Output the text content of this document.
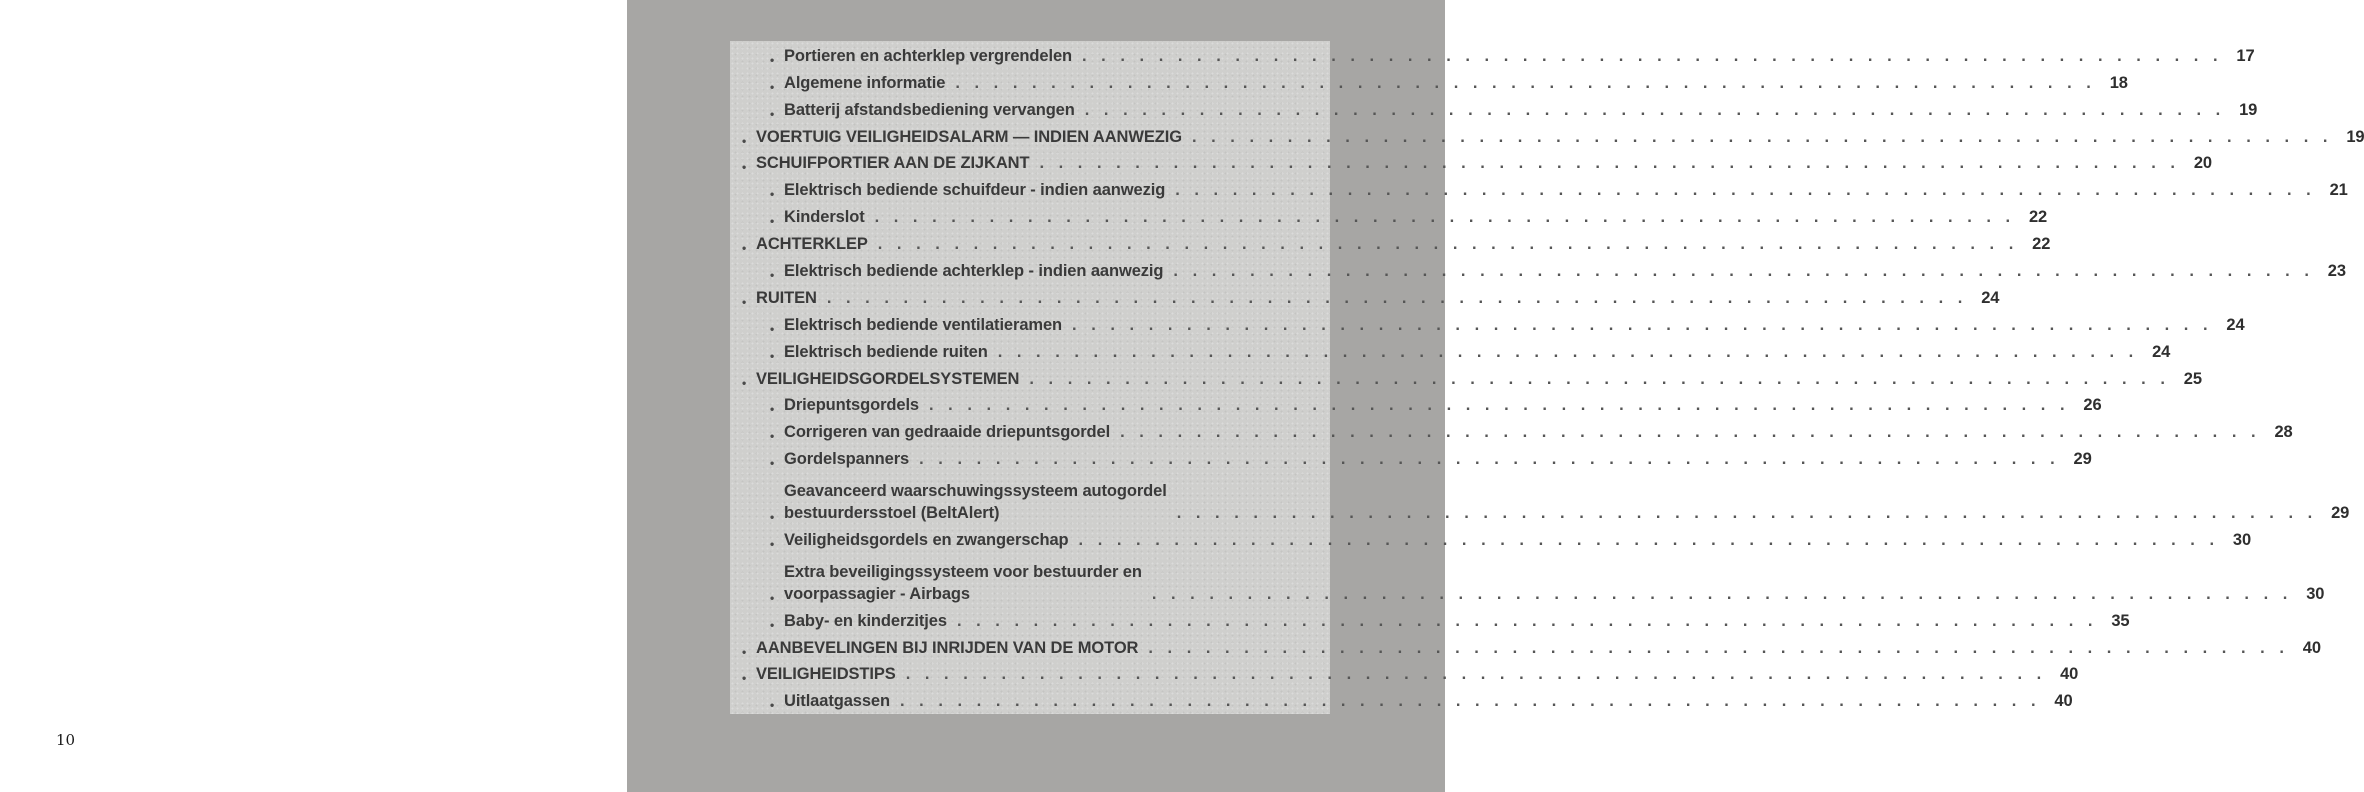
10
• Portieren en achterklep vergrendelen . . . . . . . . . . . . . . . . . . . . . . . . . . . . . . . . . . . . . . . . . . . . . . . . . . . . . . . . . . . . 17
• Algemene informatie . . . . . . . . . . . . . . . . . . . . . . . . . . . . . . . . . . . . . . . . . . . . . . . . . . . . . . . . . . . . 18
• Batterij afstandsbediening vervangen . . . . . . . . . . . . . . . . . . . . . . . . . . . . . . . . . . . . . . . . . . . . . . . . . . . . . . . . . . . . 19
• VOERTUIG VEILIGHEIDSALARM — INDIEN AANWEZIG . . . . . . . . . . . . . . . . . . . . . . . . . . . . . . . . . . . . . . . . . . . . . . . . . . . . . . . . . . . . 19
• SCHUIFPORTIER AAN DE ZIJKANT . . . . . . . . . . . . . . . . . . . . . . . . . . . . . . . . . . . . . . . . . . . . . . . . . . . . . . . . . . . . 20
• Elektrisch bediende schuifdeur - indien aanwezig . . . . . . . . . . . . . . . . . . . . . . . . . . . . . . . . . . . . . . . . . . . . . . . . . . . . . . . . . . . . 21
• Kinderslot . . . . . . . . . . . . . . . . . . . . . . . . . . . . . . . . . . . . . . . . . . . . . . . . . . . . . . . . . . . . 22
• ACHTERKLEP . . . . . . . . . . . . . . . . . . . . . . . . . . . . . . . . . . . . . . . . . . . . . . . . . . . . . . . . . . . . 22
• Elektrisch bediende achterklep - indien aanwezig . . . . . . . . . . . . . . . . . . . . . . . . . . . . . . . . . . . . . . . . . . . . . . . . . . . . . . . . . . . . 23
• RUITEN . . . . . . . . . . . . . . . . . . . . . . . . . . . . . . . . . . . . . . . . . . . . . . . . . . . . . . . . . . . . 24
• Elektrisch bediende ventilatieramen . . . . . . . . . . . . . . . . . . . . . . . . . . . . . . . . . . . . . . . . . . . . . . . . . . . . . . . . . . . . 24
• Elektrisch bediende ruiten . . . . . . . . . . . . . . . . . . . . . . . . . . . . . . . . . . . . . . . . . . . . . . . . . . . . . . . . . . . . 24
• VEILIGHEIDSGORDELSYSTEMEN . . . . . . . . . . . . . . . . . . . . . . . . . . . . . . . . . . . . . . . . . . . . . . . . . . . . . . . . . . . . 25
• Driepuntsgordels . . . . . . . . . . . . . . . . . . . . . . . . . . . . . . . . . . . . . . . . . . . . . . . . . . . . . . . . . . . . 26
• Corrigeren van gedraaide driepuntsgordel . . . . . . . . . . . . . . . . . . . . . . . . . . . . . . . . . . . . . . . . . . . . . . . . . . . . . . . . . . . . 28
• Gordelspanners . . . . . . . . . . . . . . . . . . . . . . . . . . . . . . . . . . . . . . . . . . . . . . . . . . . . . . . . . . . . 29
•
Geavanceerd waarschuwingssysteem autogordel
bestuurdersstoel (BeltAlert)	. . . . . . . . . . . . . . . . . . . . . . . . . . . . . . . . . . . . . . . . . . . . . . . . . . . . . . . . . . . . 29
• Veiligheidsgordels en zwangerschap . . . . . . . . . . . . . . . . . . . . . . . . . . . . . . . . . . . . . . . . . . . . . . . . . . . . . . . . . . . . 30
•
Extra beveiligingssysteem voor bestuurder en
voorpassagier - Airbags	. . . . . . . . . . . . . . . . . . . . . . . . . . . . . . . . . . . . . . . . . . . . . . . . . . . . . . . . . . . . 30
• Baby- en kinderzitjes . . . . . . . . . . . . . . . . . . . . . . . . . . . . . . . . . . . . . . . . . . . . . . . . . . . . . . . . . . . . 35
• AANBEVELINGEN BIJ INRIJDEN VAN DE MOTOR . . . . . . . . . . . . . . . . . . . . . . . . . . . . . . . . . . . . . . . . . . . . . . . . . . . . . . . . . . . . 40
• VEILIGHEIDSTIPS . . . . . . . . . . . . . . . . . . . . . . . . . . . . . . . . . . . . . . . . . . . . . . . . . . . . . . . . . . . . 40
• Uitlaatgassen . . . . . . . . . . . . . . . . . . . . . . . . . . . . . . . . . . . . . . . . . . . . . . . . . . . . . . . . . . . . 40
